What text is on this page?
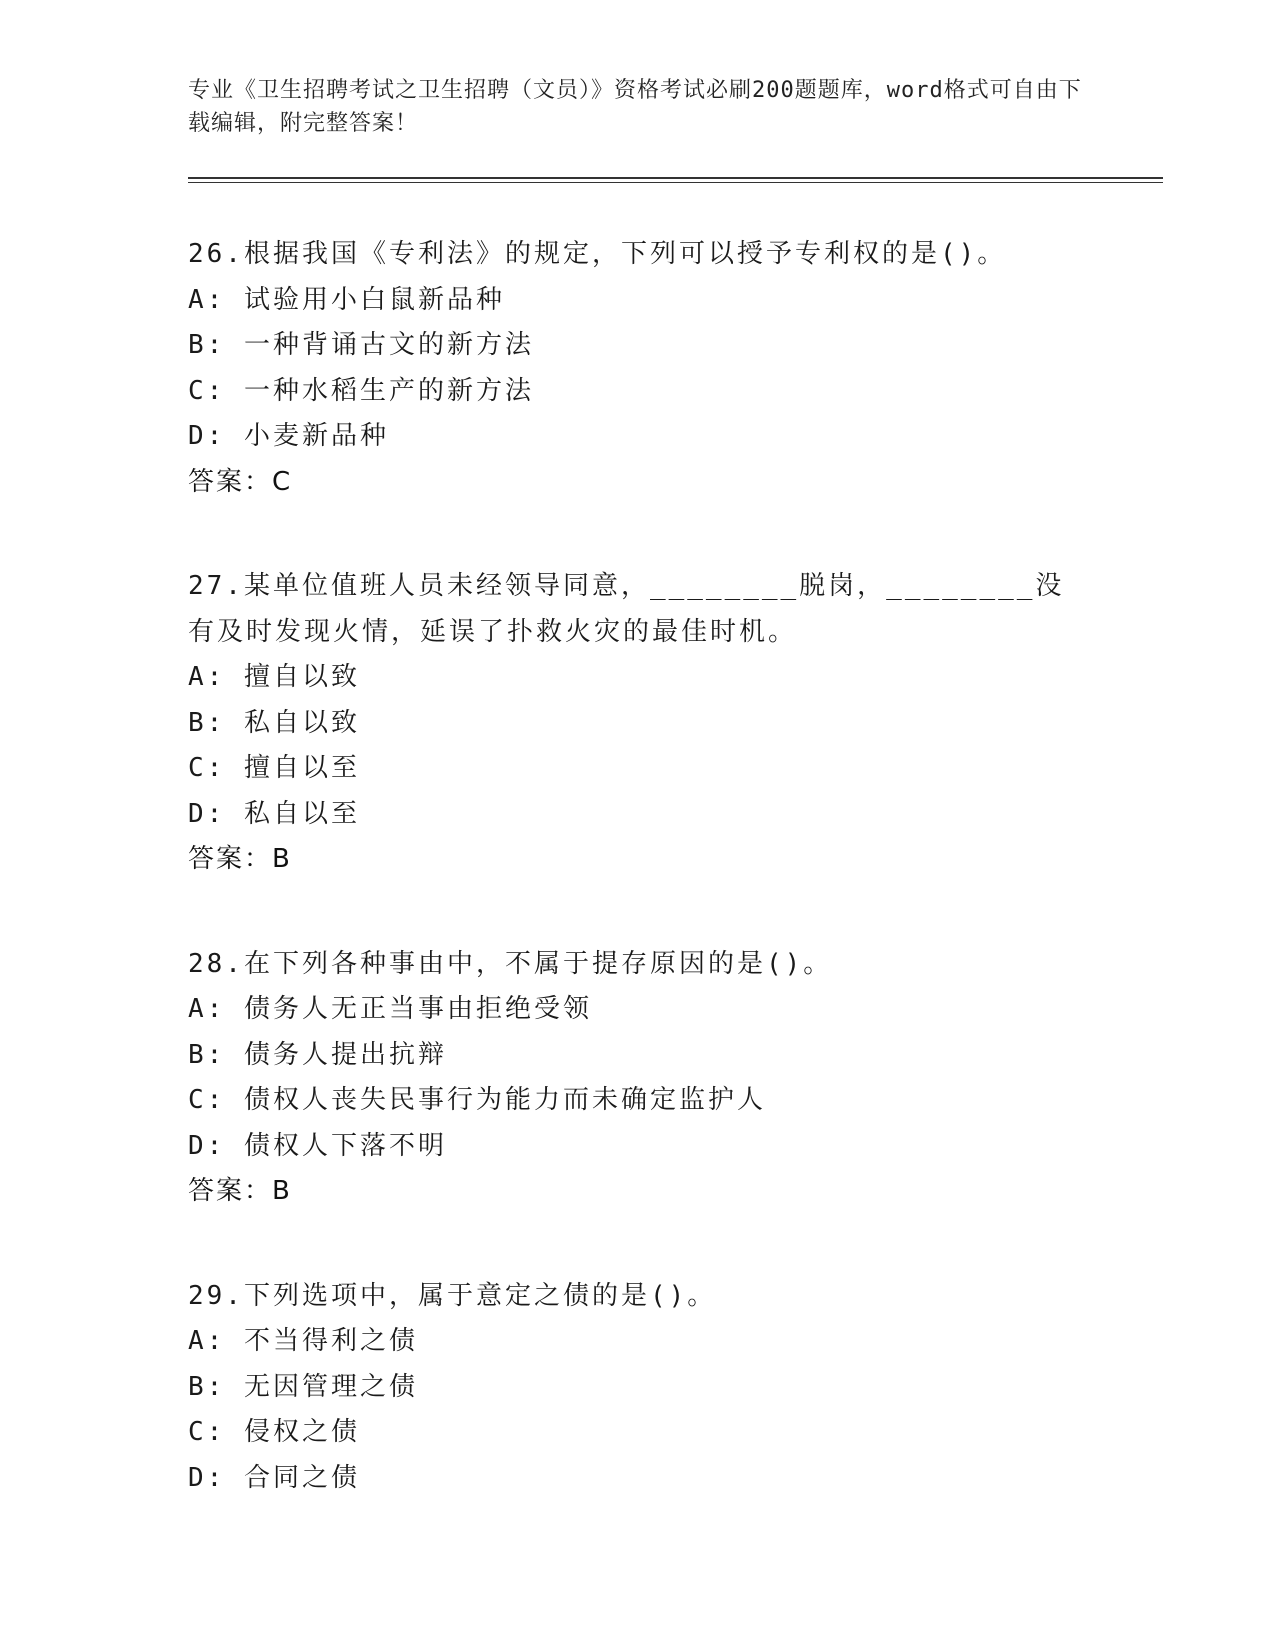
专业《卫生招聘考试之卫生招聘（文员）》资格考试必刷200题题库，word格式可自由下载编辑，附完整答案！
26.根据我国《专利法》的规定，下列可以授予专利权的是()。
A: 试验用小白鼠新品种
B: 一种背诵古文的新方法
C: 一种水稻生产的新方法
D: 小麦新品种
答案：C
27.某单位值班人员未经领导同意，________脱岗，________没有及时发现火情，延误了扑救火灾的最佳时机。
A: 擅自以致
B: 私自以致
C: 擅自以至
D: 私自以至
答案：B
28.在下列各种事由中，不属于提存原因的是()。
A: 债务人无正当事由拒绝受领
B: 债务人提出抗辩
C: 债权人丧失民事行为能力而未确定监护人
D: 债权人下落不明
答案：B
29.下列选项中，属于意定之债的是()。
A: 不当得利之债
B: 无因管理之债
C: 侵权之债
D: 合同之债
